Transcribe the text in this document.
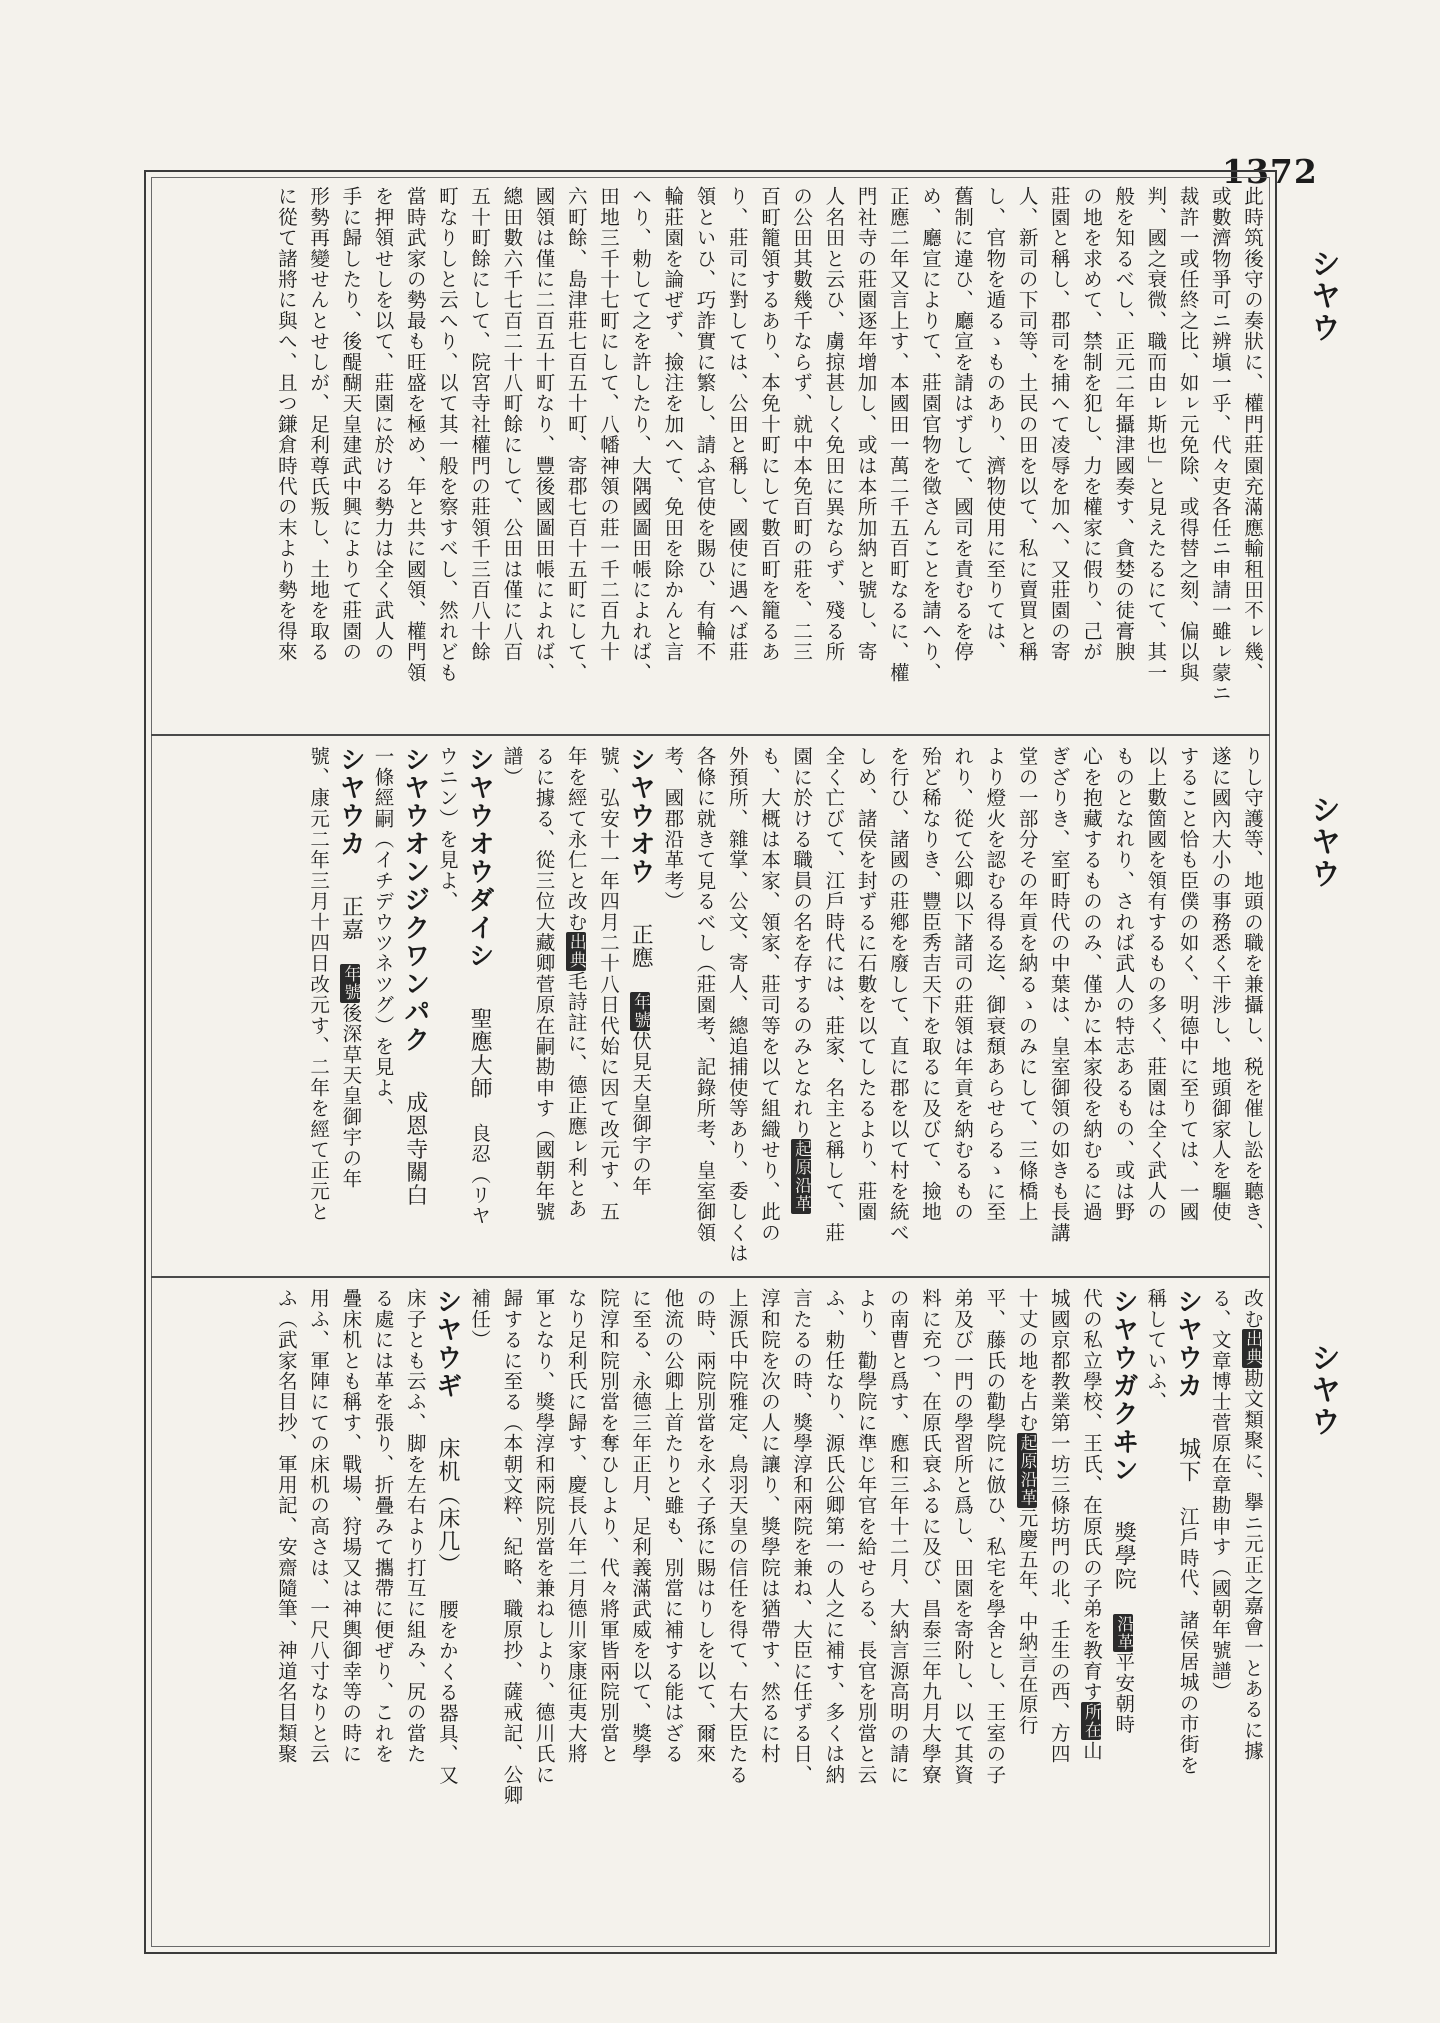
1372
シヤウ
シヤウ
シヤウ
此時筑後守の奏狀に、權門莊園充滿應輸租田不ㇾ幾、
或數濟物爭可ニ辨塡一乎、代々吏各任ニ申請一雖ㇾ蒙ニ
裁許一或任終之比、如ㇾ元免除、或得替之刻、偏以與
判、國之衰微、職而由ㇾ斯也」と見えたるにて、其一
般を知るべし、正元二年攝津國奏す、貪婪の徒膏腴
の地を求めて、禁制を犯し、力を權家に假り、己が
莊園と稱し、郡司を捕へて凌辱を加へ、又莊園の寄
人、新司の下司等、土民の田を以て、私に賣買と稱
し、官物を遁るゝものあり、濟物使用に至りては、
舊制に違ひ、廳宣を請はずして、國司を責むるを停
め、廳宣によりて、莊園官物を徵さんことを請へり、
正應二年又言上す、本國田一萬二千五百町なるに、權
門社寺の莊園逐年增加し、或は本所加納と號し、寄
人名田と云ひ、虜掠甚しく免田に異ならず、殘る所
の公田其數幾千ならず、就中本免百町の莊を、二三
百町籠領するあり、本免十町にして數百町を籠るあ
り、莊司に對しては、公田と稱し、國使に遇へば莊
領といひ、巧詐實に繁し、請ふ官使を賜ひ、有輪不
輪莊園を論ぜず、撿注を加へて、免田を除かんと言
へり、勅して之を許したり、大隅國圖田帳によれば、
田地三千十七町にして、八幡神領の莊一千二百九十
六町餘、島津莊七百五十町、寄郡七百十五町にして、
國領は僅に二百五十町なり、豐後國圖田帳によれば、
總田數六千七百二十八町餘にして、公田は僅に八百
五十町餘にして、院宮寺社權門の莊領千三百八十餘
町なりしと云へり、以て其一般を察すべし、然れども
當時武家の勢最も旺盛を極め、年と共に國領、權門領
を押領せしを以て、莊園に於ける勢力は全く武人の
手に歸したり、後醍醐天皇建武中興によりて莊園の
形勢再變せんとせしが、足利尊氏叛し、土地を取る
に從て諸將に與へ、且つ鎌倉時代の末より勢を得來
りし守護等、地頭の職を兼攝し、税を催し訟を聽き、
遂に國內大小の事務悉く干涉し、地頭御家人を驅使
すること恰も臣僕の如く、明德中に至りては、一國
以上數箇國を領有するもの多く、莊園は全く武人の
ものとなれり、されば武人の特志あるもの、或は野
心を抱藏するもののみ、僅かに本家役を納むるに過
ぎざりき、室町時代の中葉は、皇室御領の如きも長講
堂の一部分その年貢を納るゝのみにして、三條橋上
より燈火を認むる得る迄、御衰頹あらせらるゝに至
れり、從て公卿以下諸司の莊領は年貢を納むるもの
殆ど稀なりき、豐臣秀吉天下を取るに及びて、撿地
を行ひ、諸國の莊鄕を廢して、直に郡を以て村を統べ
しめ、諸侯を封ずるに石數を以てしたるより、莊園
全く亡びて、江戶時代には、莊家、名主と稱して、莊
園に於ける職員の名を存するのみとなれり起原沿革
も、大概は本家、領家、莊司等を以て組織せり、此の
外預所、雜掌、公文、寄人、總追捕使等あり、委しくは
各條に就きて見るべし（莊園考、記錄所考、皇室御領
考、國郡沿革考）
シヤウオウ正應年號伏見天皇御宇の年
號、弘安十一年四月二十八日代始に因て改元す、五
年を經て永仁と改む出典毛詩註に、德正應ㇾ利とあ
るに據る、從三位大藏卿菅原在嗣勘申す（國朝年號
譜）
シヤウオウダイシ聖應大師良忍（リヤ
ウニン）を見よ、
シヤウオンジクワンパク成恩寺關白
一條經嗣（イチデウツネツグ）を見よ、
シヤウカ正嘉年號後深草天皇御宇の年
號、康元二年三月十四日改元す、二年を經て正元と
改む出典勘文類聚に、擧ニ元正之嘉會一とあるに據
る、文章博士菅原在章勘申す（國朝年號譜）
シヤウカ城下江戶時代、諸侯居城の市街を
稱していふ、
シヤウガクヰン獎學院沿革平安朝時
代の私立學校、王氏、在原氏の子弟を教育す所在山
城國京都教業第一坊三條坊門の北、壬生の西、方四
十丈の地を占む起原沿革元慶五年、中納言在原行
平、藤氏の勸學院に倣ひ、私宅を學舍とし、王室の子
弟及び一門の學習所と爲し、田園を寄附し、以て其資
料に充つ、在原氏衰ふるに及び、昌泰三年九月大學寮
の南曹と爲す、應和三年十二月、大納言源高明の請に
より、勸學院に準じ年官を給せらる、長官を別當と云
ふ、勅任なり、源氏公卿第一の人之に補す、多くは納
言たるの時、獎學淳和兩院を兼ね、大臣に任ずる日、
淳和院を次の人に讓り、獎學院は猶帶す、然るに村
上源氏中院雅定、鳥羽天皇の信任を得て、右大臣たる
の時、兩院別當を永く子孫に賜はりしを以て、爾來
他流の公卿上首たりと雖も、別當に補する能はざる
に至る、永德三年正月、足利義滿武威を以て、獎學
院淳和院別當を奪ひしより、代々將軍皆兩院別當と
なり足利氏に歸す、慶長八年二月德川家康征夷大將
軍となり、獎學淳和兩院別當を兼ねしより、德川氏に
歸するに至る（本朝文粹、紀略、職原抄、薩戒記、公卿
補任）
シヤウギ床机（床几）腰をかくる器具、又
床子とも云ふ、脚を左右より打互に組み、尻の當た
る處には革を張り、折疊みて攜帶に便ぜり、これを
疊床机とも稱す、戰場、狩場又は神輿御幸等の時に
用ふ、軍陣にての床机の高さは、一尺八寸なりと云
ふ（武家名目抄、軍用記、安齋隨筆、神道名目類聚
